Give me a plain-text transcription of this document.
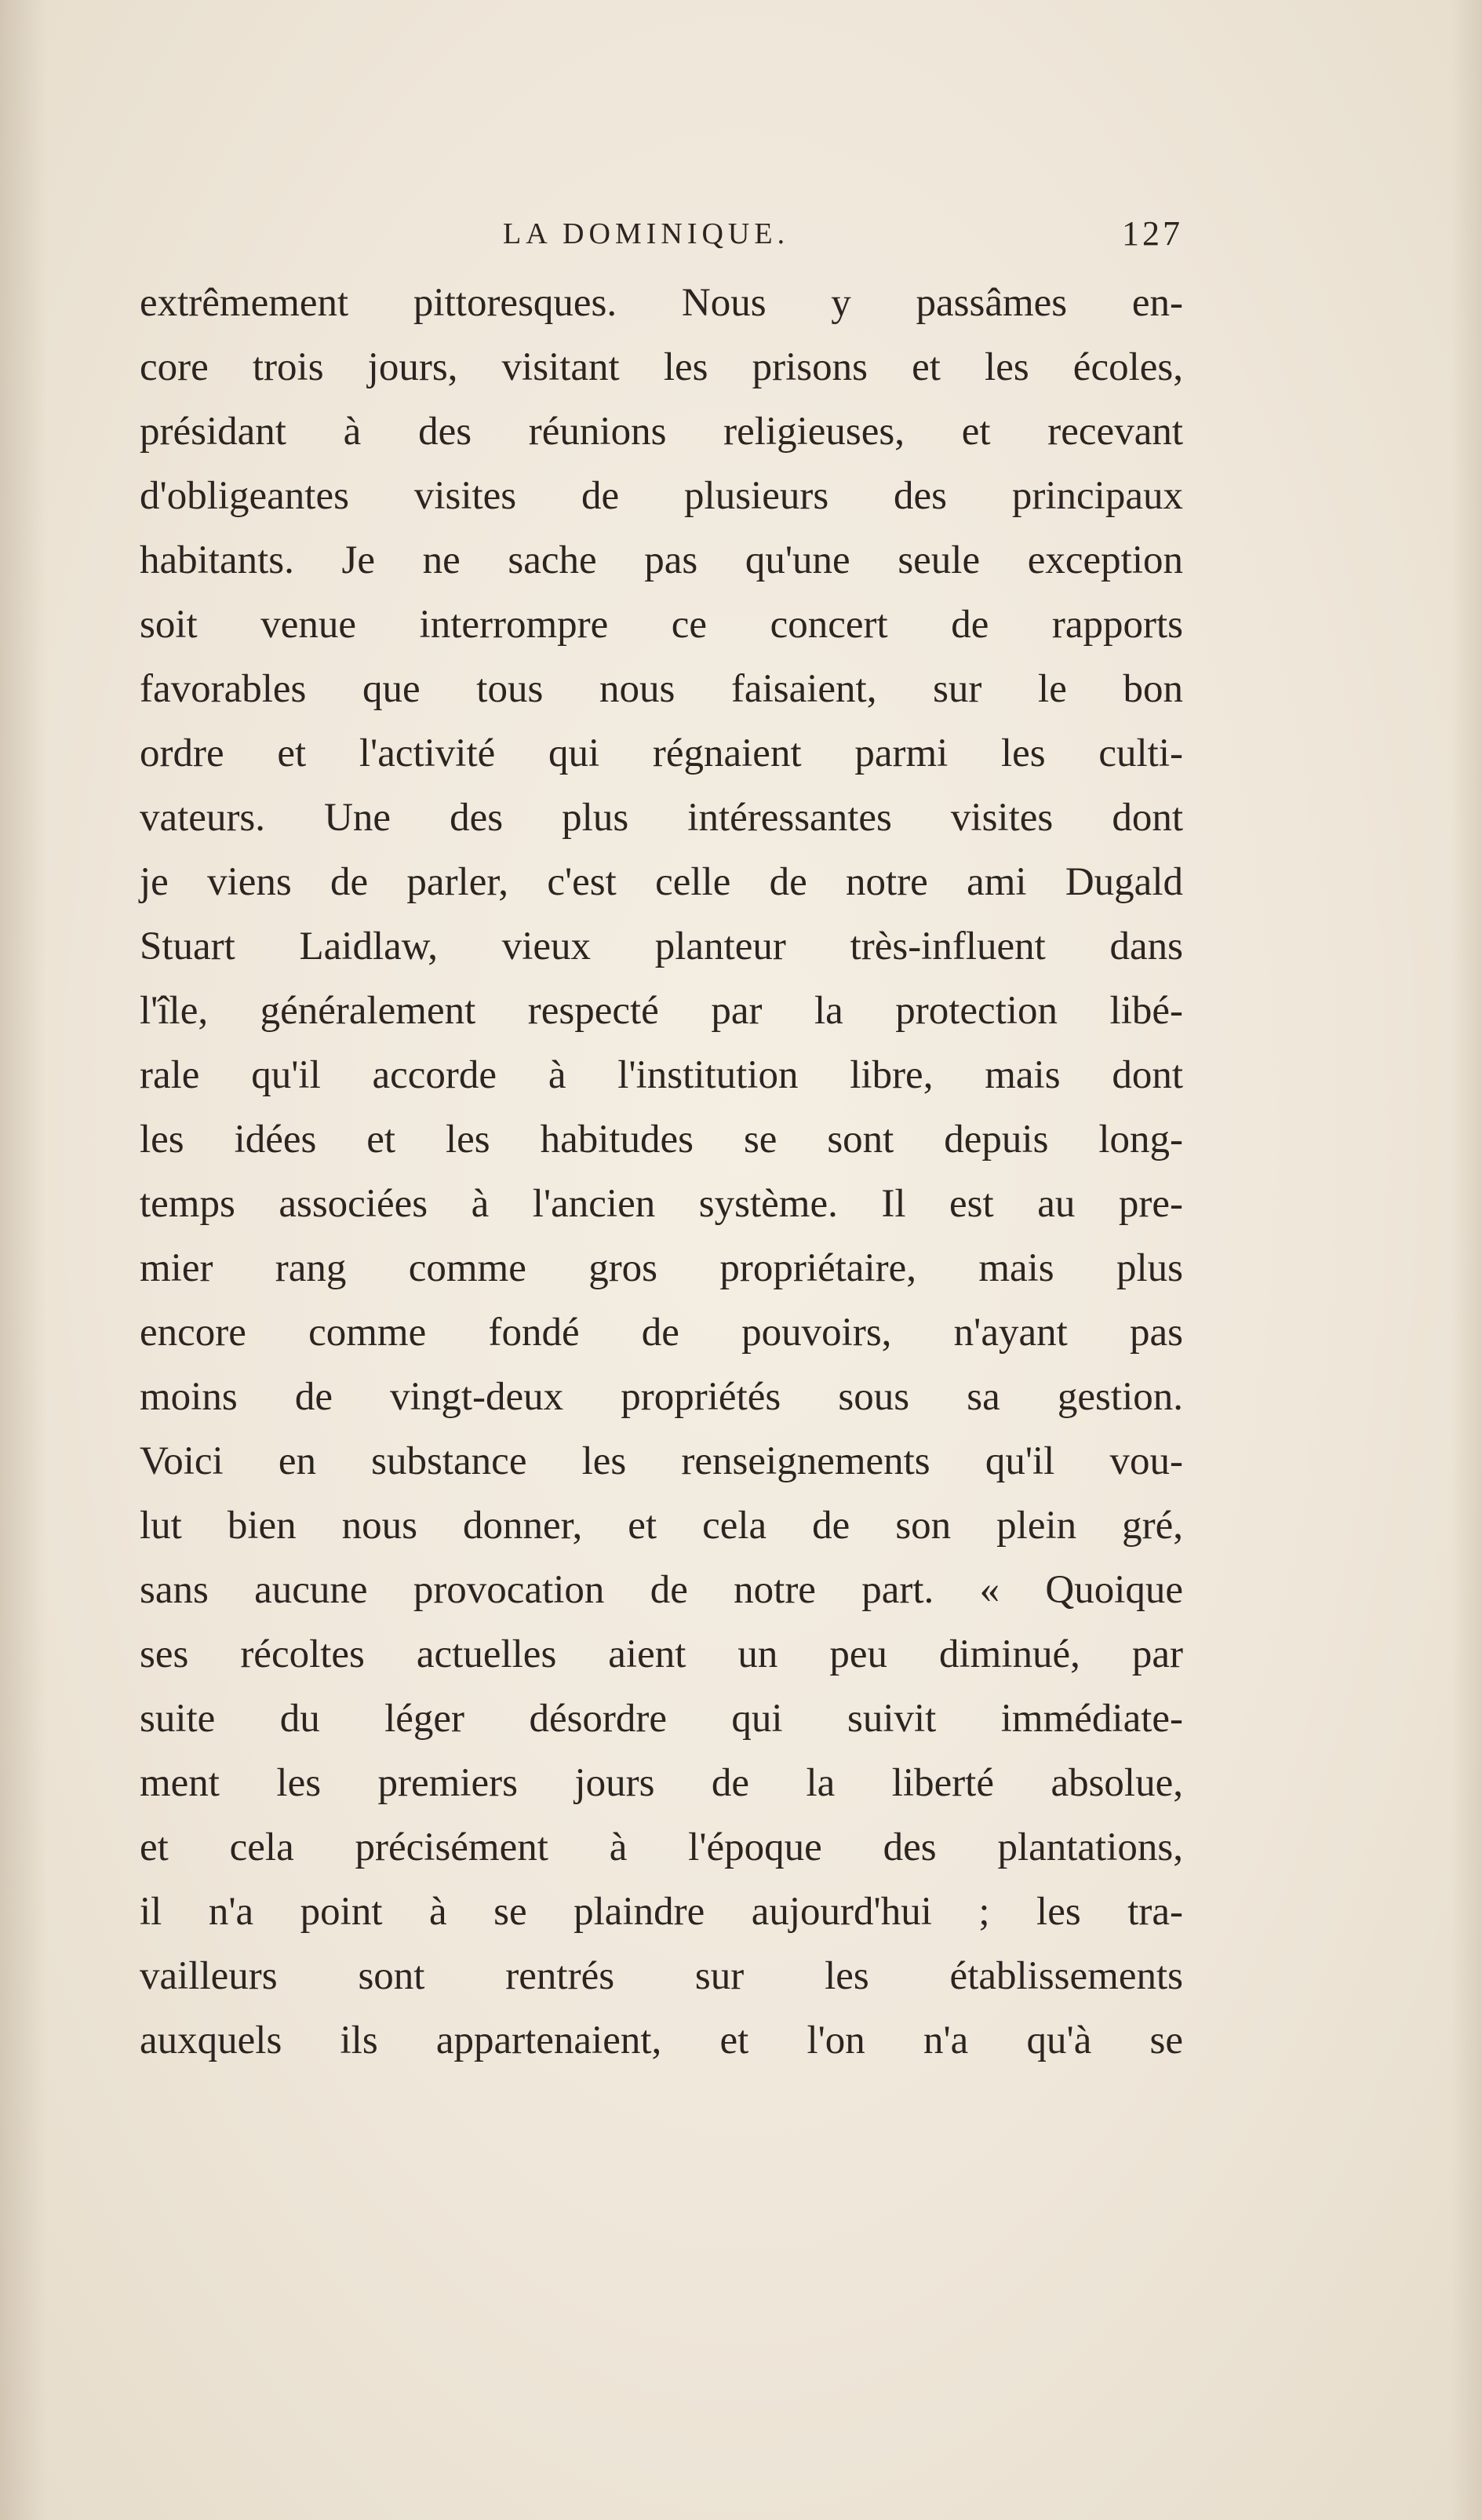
LA DOMINIQUE.	127
extrêmement pittoresques. Nous y passâmes en-
core trois jours, visitant les prisons et les écoles,
présidant à des réunions religieuses, et recevant
d'obligeantes visites de plusieurs des principaux
habitants. Je ne sache pas qu'une seule exception
soit venue interrompre ce concert de rapports
favorables que tous nous faisaient, sur le bon
ordre et l'activité qui régnaient parmi les culti-
vateurs. Une des plus intéressantes visites dont
je viens de parler, c'est celle de notre ami Dugald
Stuart Laidlaw, vieux planteur très-influent dans
l'île, généralement respecté par la protection libé-
rale qu'il accorde à l'institution libre, mais dont
les idées et les habitudes se sont depuis long-
temps associées à l'ancien système. Il est au pre-
mier rang comme gros propriétaire, mais plus
encore comme fondé de pouvoirs, n'ayant pas
moins de vingt-deux propriétés sous sa gestion.
Voici en substance les renseignements qu'il vou-
lut bien nous donner, et cela de son plein gré,
sans aucune provocation de notre part. « Quoique
ses récoltes actuelles aient un peu diminué, par
suite du léger désordre qui suivit immédiate-
ment les premiers jours de la liberté absolue,
et cela précisément à l'époque des plantations,
il n'a point à se plaindre aujourd'hui ; les tra-
vailleurs sont rentrés sur les établissements
auxquels ils appartenaient, et l'on n'a qu'à se
